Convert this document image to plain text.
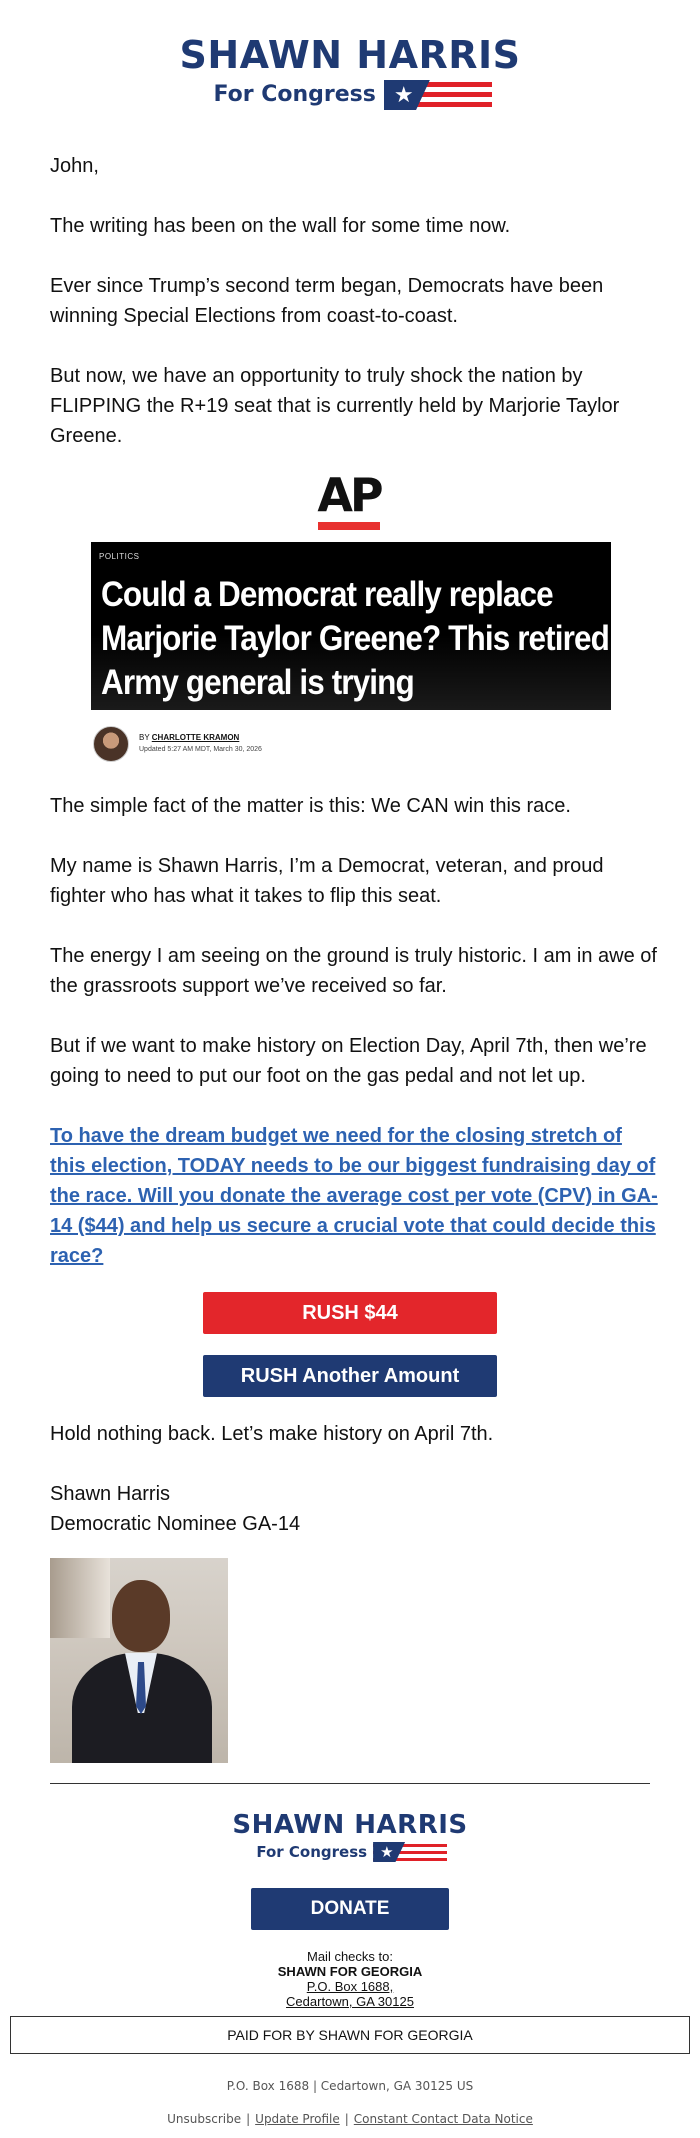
SHAWN HARRIS
For Congress ★
John,
The writing has been on the wall for some time now.
Ever since Trump’s second term began, Democrats have been winning Special Elections from coast-to-coast.
But now, we have an opportunity to truly shock the nation by FLIPPING the R+19 seat that is currently held by Marjorie Taylor Greene.
AP
POLITICS
Could a Democrat really replace Marjorie Taylor Greene? This retired Army general is trying
BY CHARLOTTE KRAMON
Updated 5:27 AM MDT, March 30, 2026
The simple fact of the matter is this: We CAN win this race.
My name is Shawn Harris, I’m a Democrat, veteran, and proud fighter who has what it takes to flip this seat.
The energy I am seeing on the ground is truly historic. I am in awe of the grassroots support we’ve received so far.
But if we want to make history on Election Day, April 7th, then we’re going to need to put our foot on the gas pedal and not let up.
To have the dream budget we need for the closing stretch of this election, TODAY needs to be our biggest fundraising day of the race. Will you donate the average cost per vote (CPV) in GA-14 ($44) and help us secure a crucial vote that could decide this race?
RUSH $44
RUSH Another Amount
Hold nothing back. Let’s make history on April 7th.
Shawn Harris
Democratic Nominee GA-14
SHAWN HARRIS
For Congress ★
DONATE
Mail checks to:
SHAWN FOR GEORGIA
P.O. Box 1688,
Cedartown, GA 30125
PAID FOR BY SHAWN FOR GEORGIA
P.O. Box 1688 | Cedartown, GA 30125 US
Unsubscribe | Update Profile | Constant Contact Data Notice
